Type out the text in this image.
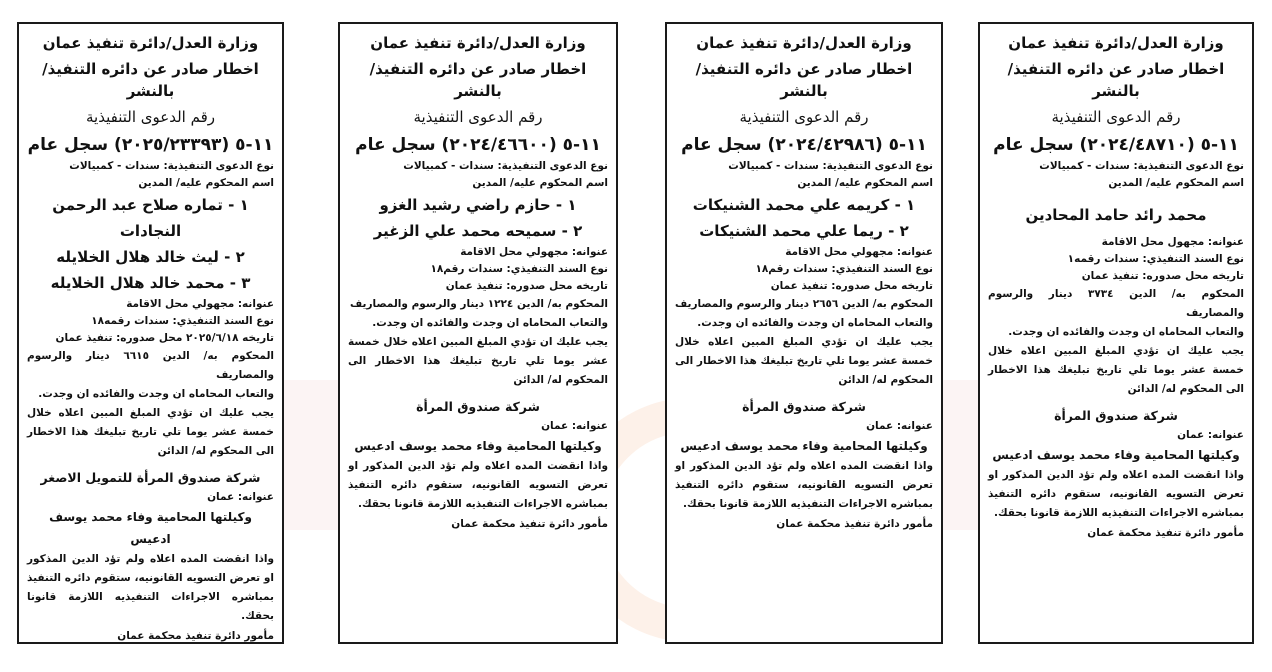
وزارة العدل/دائرة تنفيذ عمان
اخطار صادر عن دائره التنفيذ/ بالنشر
رقم الدعوى التنفيذية
١١-٥ (٢٠٢٤/٤٨٧١٠) سجل عام
نوع الدعوى التنفيذية: سندات - كمبيالات
اسم المحكوم عليه/ المدين
محمد رائد حامد المحادين
عنوانه: مجهول محل الاقامة
نوع السند التنفيذي: سندات رقمه١
تاريخه محل صدوره: تنفيذ عمان
المحكوم به/ الدين ٣٧٣٤ دينار والرسوم والمصاريف
والتعاب المحاماه ان وجدت والفائده ان وجدت.
يجب عليك ان تؤدي المبلغ المبين اعلاه خلال خمسة عشر يوما تلي تاريخ تبليغك هذا الاخطار الى المحكوم له/ الدائن
شركة صندوق المرأة
عنوانه: عمان
وكيلتها المحامية وفاء محمد يوسف ادعيس
واذا انقضت المده اعلاه ولم تؤد الدين المذكور او تعرض التسويه القانونيه، ستقوم دائره التنفيذ بمباشره الاجراءات التنفيذيه اللازمة قانونا بحقك.
مأمور دائرة تنفيذ محكمة عمان
وزارة العدل/دائرة تنفيذ عمان
اخطار صادر عن دائره التنفيذ/ بالنشر
رقم الدعوى التنفيذية
١١-٥ (٢٠٢٤/٤٢٩٨٦) سجل عام
نوع الدعوى التنفيذية: سندات - كمبيالات
اسم المحكوم عليه/ المدين
١ - كريمه علي محمد الشنيكات
٢ - ريما علي محمد الشنيكات
عنوانه: مجهولي محل الاقامة
نوع السند التنفيذي: سندات رقم١٨
تاريخه محل صدوره: تنفيذ عمان
المحكوم به/ الدين ٢٦٥٦ دينار والرسوم والمصاريف
والتعاب المحاماه ان وجدت والفائده ان وجدت.
يجب عليك ان تؤدي المبلغ المبين اعلاه خلال خمسة عشر يوما تلي تاريخ تبليغك هذا الاخطار الى المحكوم له/ الدائن
شركة صندوق المرأة
عنوانه: عمان
وكيلتها المحامية وفاء محمد يوسف ادعيس
واذا انقضت المده اعلاه ولم تؤد الدين المذكور او تعرض التسويه القانونيه، ستقوم دائره التنفيذ بمباشره الاجراءات التنفيذيه اللازمة قانونا بحقك.
مأمور دائرة تنفيذ محكمة عمان
وزارة العدل/دائرة تنفيذ عمان
اخطار صادر عن دائره التنفيذ/ بالنشر
رقم الدعوى التنفيذية
١١-٥ (٢٠٢٤/٤٦٦٠٠) سجل عام
نوع الدعوى التنفيذية: سندات - كمبيالات
اسم المحكوم عليه/ المدين
١ - حازم راضي رشيد الغزو
٢ - سميحه محمد علي الزغير
عنوانه: مجهولي محل الاقامة
نوع السند التنفيذي: سندات رقم١٨
تاريخه محل صدوره: تنفيذ عمان
المحكوم به/ الدين ١٢٢٤ دينار والرسوم والمصاريف
والتعاب المحاماه ان وجدت والفائده ان وجدت.
يجب عليك ان تؤدي المبلغ المبين اعلاه خلال خمسة عشر يوما تلي تاريخ تبليغك هذا الاخطار الى المحكوم له/ الدائن
شركة صندوق المرأة
عنوانه: عمان
وكيلتها المحامية وفاء محمد يوسف ادعيس
واذا انقضت المده اعلاه ولم تؤد الدين المذكور او تعرض التسويه القانونيه، ستقوم دائره التنفيذ بمباشره الاجراءات التنفيذيه اللازمة قانونا بحقك.
مأمور دائرة تنفيذ محكمة عمان
وزارة العدل/دائرة تنفيذ عمان
اخطار صادر عن دائره التنفيذ/ بالنشر
رقم الدعوى التنفيذية
١١-٥ (٢٠٢٥/٢٣٣٩٣) سجل عام
نوع الدعوى التنفيذية: سندات - كمبيالات
اسم المحكوم عليه/ المدين
١ - تماره صلاح عبد الرحمن النجادات
٢ - ليث خالد هلال الخلايله
٣ - محمد خالد هلال الخلايله
عنوانه: مجهولي محل الاقامة
نوع السند التنفيذي: سندات رقمه١٨
تاريخه ٢٠٢٥/٦/١٨ محل صدوره: تنفيذ عمان
المحكوم به/ الدين ٦٦١٥ دينار والرسوم والمصاريف
والتعاب المحاماه ان وجدت والفائده ان وجدت.
يجب عليك ان تؤدي المبلغ المبين اعلاه خلال خمسة عشر يوما تلي تاريخ تبليغك هذا الاخطار الى المحكوم له/ الدائن
شركة صندوق المرأة للتمويل الاصغر
عنوانه: عمان
وكيلتها المحامية وفاء محمد يوسف ادعيس
واذا انقضت المده اعلاه ولم تؤد الدين المذكور او تعرض التسويه القانونيه، ستقوم دائره التنفيذ بمباشره الاجراءات التنفيذيه اللازمة قانونا بحقك.
مأمور دائرة تنفيذ محكمة عمان
